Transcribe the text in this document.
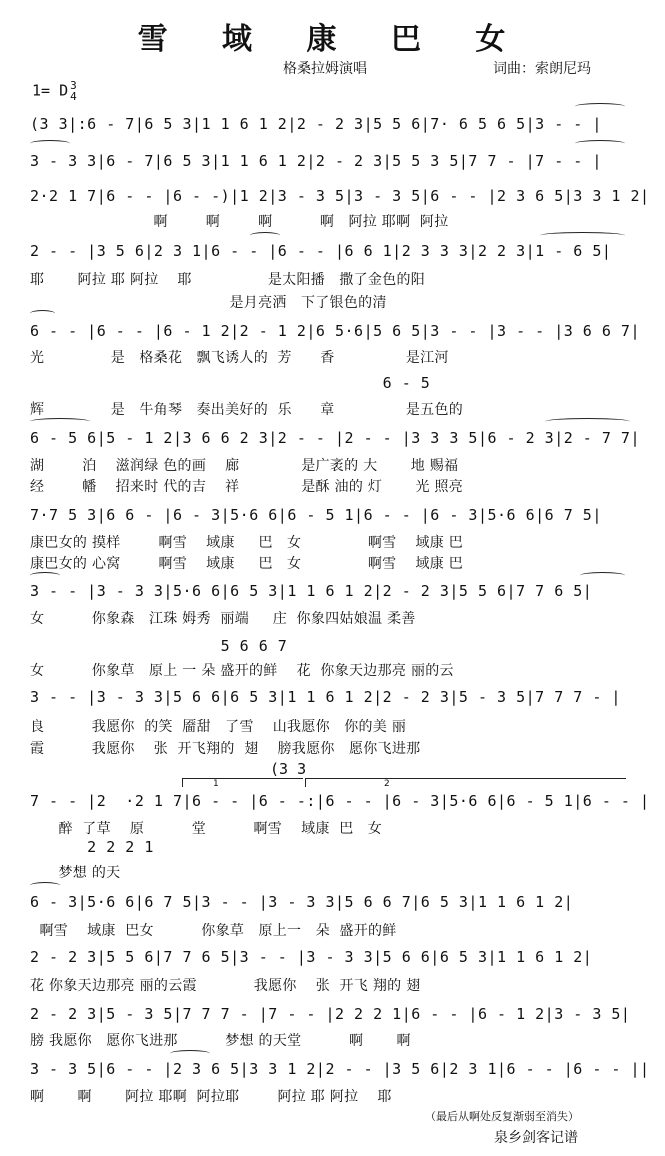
雪 域 康 巴 女
格桑拉姆演唱	词曲：索朗尼玛
1= D 3
4
(3 3|:6 - 7|6 5 3|1 1 6 1 2|2 - 2 3|5 5 6|7· 6 5 6 5|3 - - |
3 - 3 3|6 - 7|6 5 3|1 1 6 1 2|2 - 2 3|5 5 3 5|7 7 - |7 - - |
2·2 1 7|6 - - |6 - -)|1 2|3 - 3 5|3 - 3 5|6 - - |2 3 6 5|3 3 1 2|
啊        啊        啊          啊   阿拉 耶啊  阿拉
2 - - |3 5 6|2 3 1|6 - - |6 - - |6 6 1|2 3 3 3|2 2 3|1 - 6 5|
耶       阿拉 耶 阿拉    耶                是太阳播   撒了金色的阳
是月亮洒   下了银色的清
6 - - |6 - - |6 - 1 2|2 - 1 2|6 5·6|5 6 5|3 - - |3 - - |3 6 6 7|
光              是   格桑花   飘飞诱人的  芳      香               是江河
6 - 5
辉              是   牛角琴   奏出美好的  乐      章               是五色的
6 - 5 6|5 - 1 2|3 6 6 2 3|2 - - |2 - - |3 3 3 5|6 - 2 3|2 - 7 7|
湖        泊    滋润绿 色的画    廊             是广袤的 大       地 赐福
经        幡    招来时 代的吉    祥             是酥 油的 灯       光 照亮
7·7 5 3|6 6 - |6 - 3|5·6 6|6 - 5 1|6 - - |6 - 3|5·6 6|6 7 5|
康巴女的 摸样        啊雪    域康     巴   女              啊雪    域康 巴
康巴女的 心窝        啊雪    域康     巴   女              啊雪    域康 巴
3 - - |3 - 3 3|5·6 6|6 5 3|1 1 6 1 2|2 - 2 3|5 5 6|7 7 6 5|
女          你象森   江珠 姆秀  丽端     庄  你象四姑娘温 柔善
5 6 6 7
女          你象草   原上 一 朵 盛开的鲜    花  你象天边那亮 丽的云
3 - - |3 - 3 3|5 6 6|6 5 3|1 1 6 1 2|2 - 2 3|5 - 3 5|7 7 7 - |
良          我愿你  的笑  靥甜   了雪    山我愿你   你的美 丽
霞          我愿你    张  开飞翔的  翅    膀我愿你   愿你飞进那
(3 3
1	2
7 - - |2  ·2 1 7|6 - - |6 - -:|6 - - |6 - 3|5·6 6|6 - 5 1|6 - - |
醉  了草    原          堂          啊雪    域康  巴   女
2 2 2 1
梦想 的天
6 - 3|5·6 6|6 7 5|3 - - |3 - 3 3|5 6 6 7|6 5 3|1 1 6 1 2|
啊雪    域康  巴女          你象草   原上一   朵  盛开的鲜
2 - 2 3|5 5 6|7 7 6 5|3 - - |3 - 3 3|5 6 6|6 5 3|1 1 6 1 2|
花 你象天边那亮 丽的云霞            我愿你    张  开飞 翔的 翅
2 - 2 3|5 - 3 5|7 7 7 - |7 - - |2 2 2 1|6 - - |6 - 1 2|3 - 3 5|
膀 我愿你   愿你飞进那          梦想 的天堂          啊       啊
3 - 3 5|6 - - |2 3 6 5|3 3 1 2|2 - - |3 5 6|2 3 1|6 - - |6 - - ||
啊       啊       阿拉 耶啊  阿拉耶        阿拉 耶 阿拉    耶
（最后从啊处反复渐弱至消失）
泉乡剑客记谱
